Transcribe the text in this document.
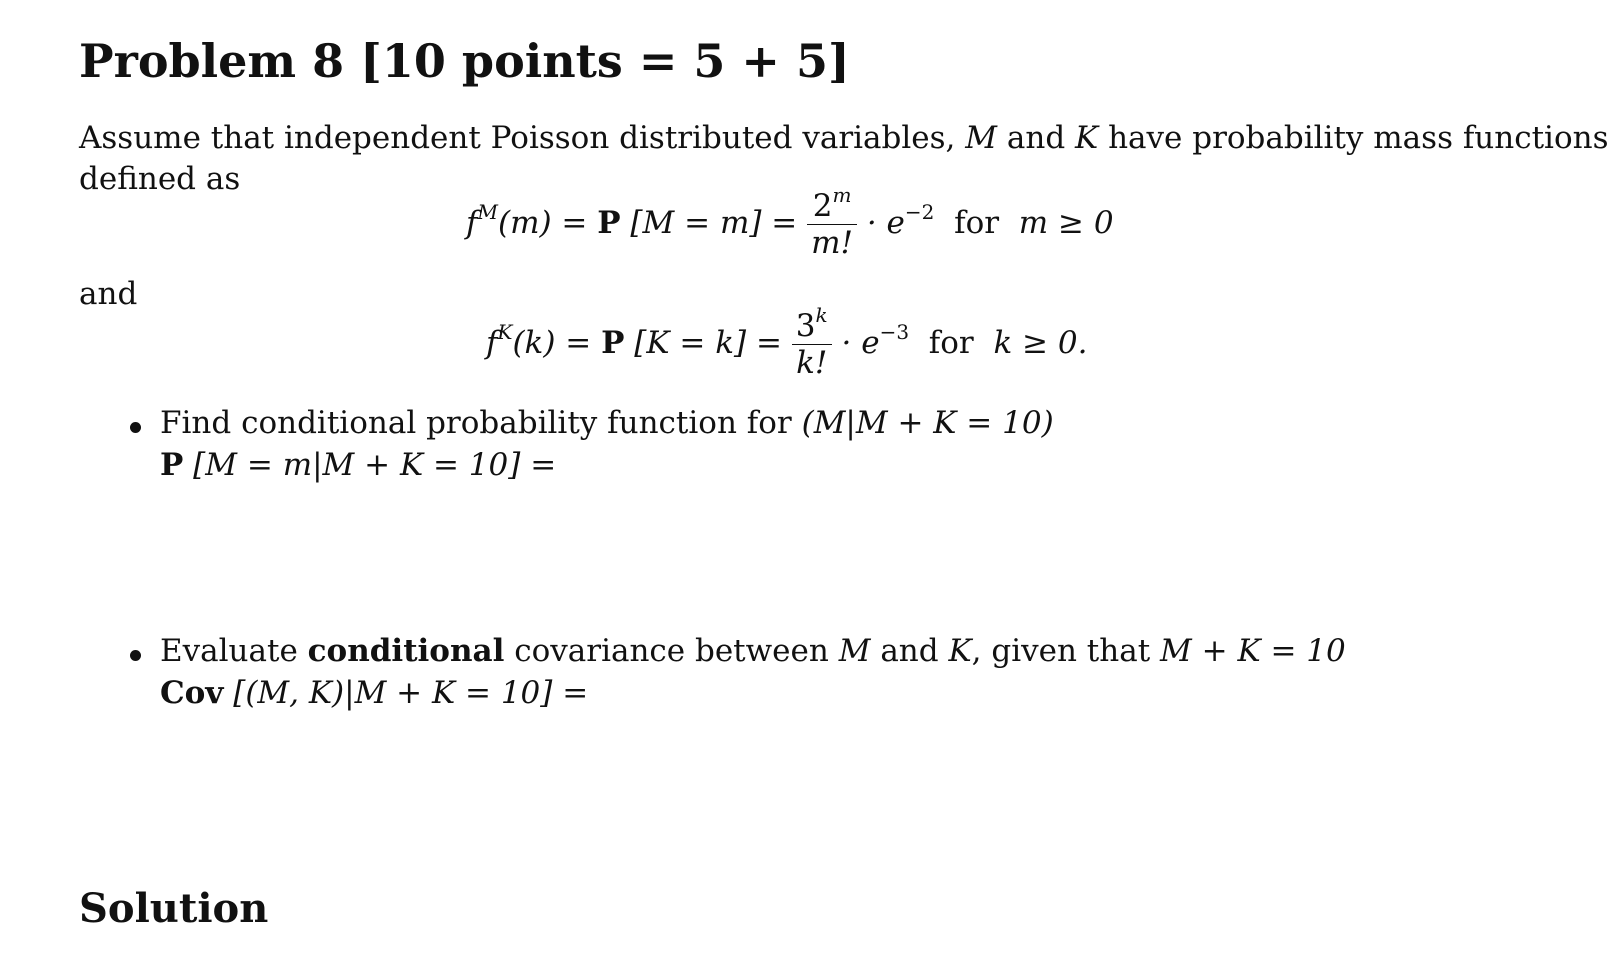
Problem 8 [10 points = 5 + 5]
Assume that independent Poisson distributed variables, M and K have probability mass functions
defined as
$f^M(m) = P$ $[M = m] = \frac{2^m}{m!} \cdot e^{-2}$ for m ≥ 0
and
$f^K(k) = P$ $[K = k] = \frac{3^k}{k!} \cdot e^{-3}$ for k ≥ 0.
Find conditional probability function for (M|M + K = 10)
P [M = m|M + K = 10] =
Evaluate conditional covariance between M and K, given that M + K = 10
Cov [(M, K)|M + K = 10] =
Solution
